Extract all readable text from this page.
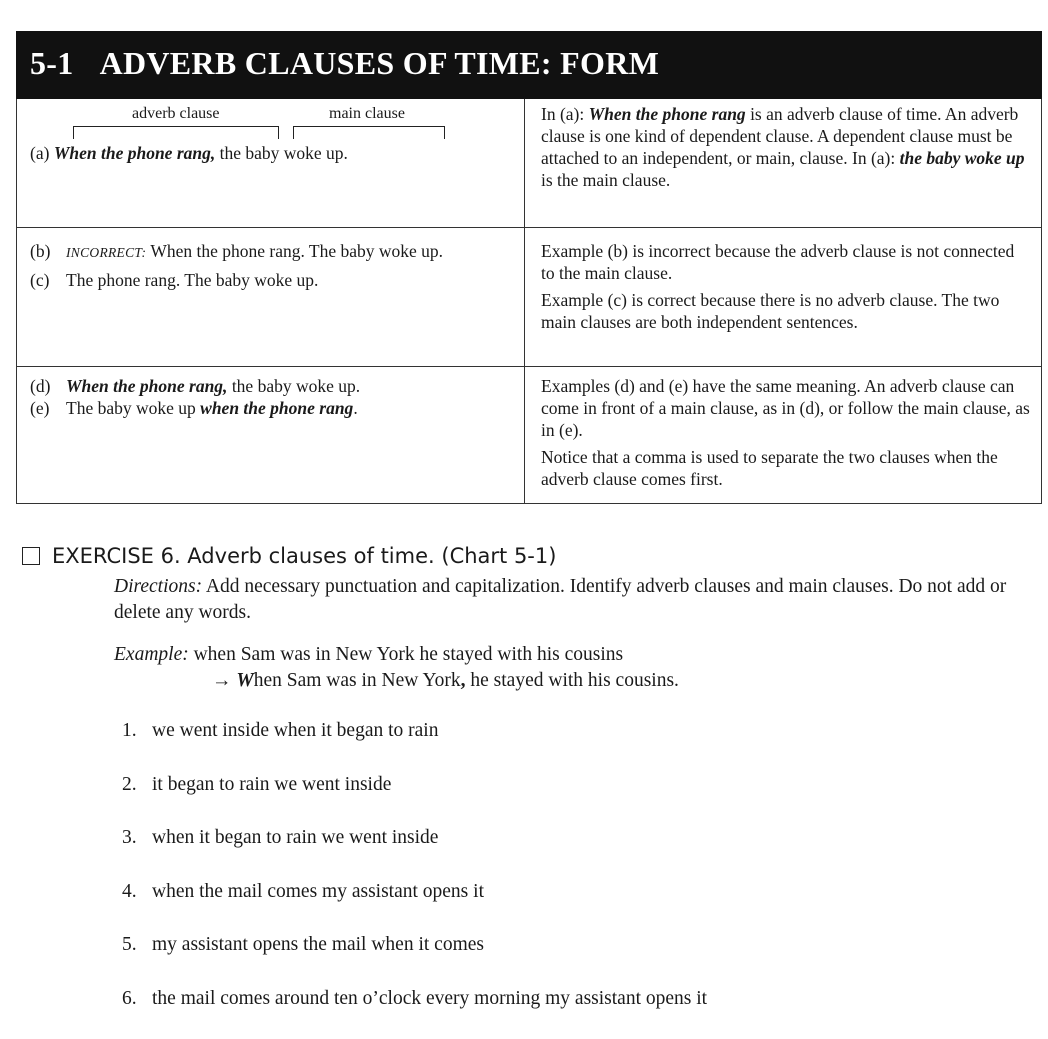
5-1 ADVERB CLAUSES OF TIME: FORM
adverb clause	main clause
(a) When the phone rang, the baby woke up.
In (a): When the phone rang is an adverb clause of time. An adverb clause is one kind of dependent clause. A dependent clause must be attached to an independent, or main, clause. In (a): the baby woke up is the main clause.
(b)	INCORRECT: When the phone rang. The baby woke up.
(c) The phone rang. The baby woke up.
Example (b) is incorrect because the adverb clause is not connected to the main clause.
Example (c) is correct because there is no adverb clause. The two main clauses are both independent sentences.
(d) When the phone rang, the baby woke up.
(e) The baby woke up when the phone rang.
Examples (d) and (e) have the same meaning. An adverb clause can come in front of a main clause, as in (d), or follow the main clause, as in (e).
Notice that a comma is used to separate the two clauses when the adverb clause comes first.
EXERCISE 6. Adverb clauses of time. (Chart 5-1)
Directions: Add necessary punctuation and capitalization. Identify adverb clauses and main clauses. Do not add or delete any words.
Example: when Sam was in New York he stayed with his cousins
→ When Sam was in New York, he stayed with his cousins.
1. we went inside when it began to rain
2. it began to rain we went inside
3. when it began to rain we went inside
4. when the mail comes my assistant opens it
5. my assistant opens the mail when it comes
6. the mail comes around ten o’clock every morning my assistant opens it
